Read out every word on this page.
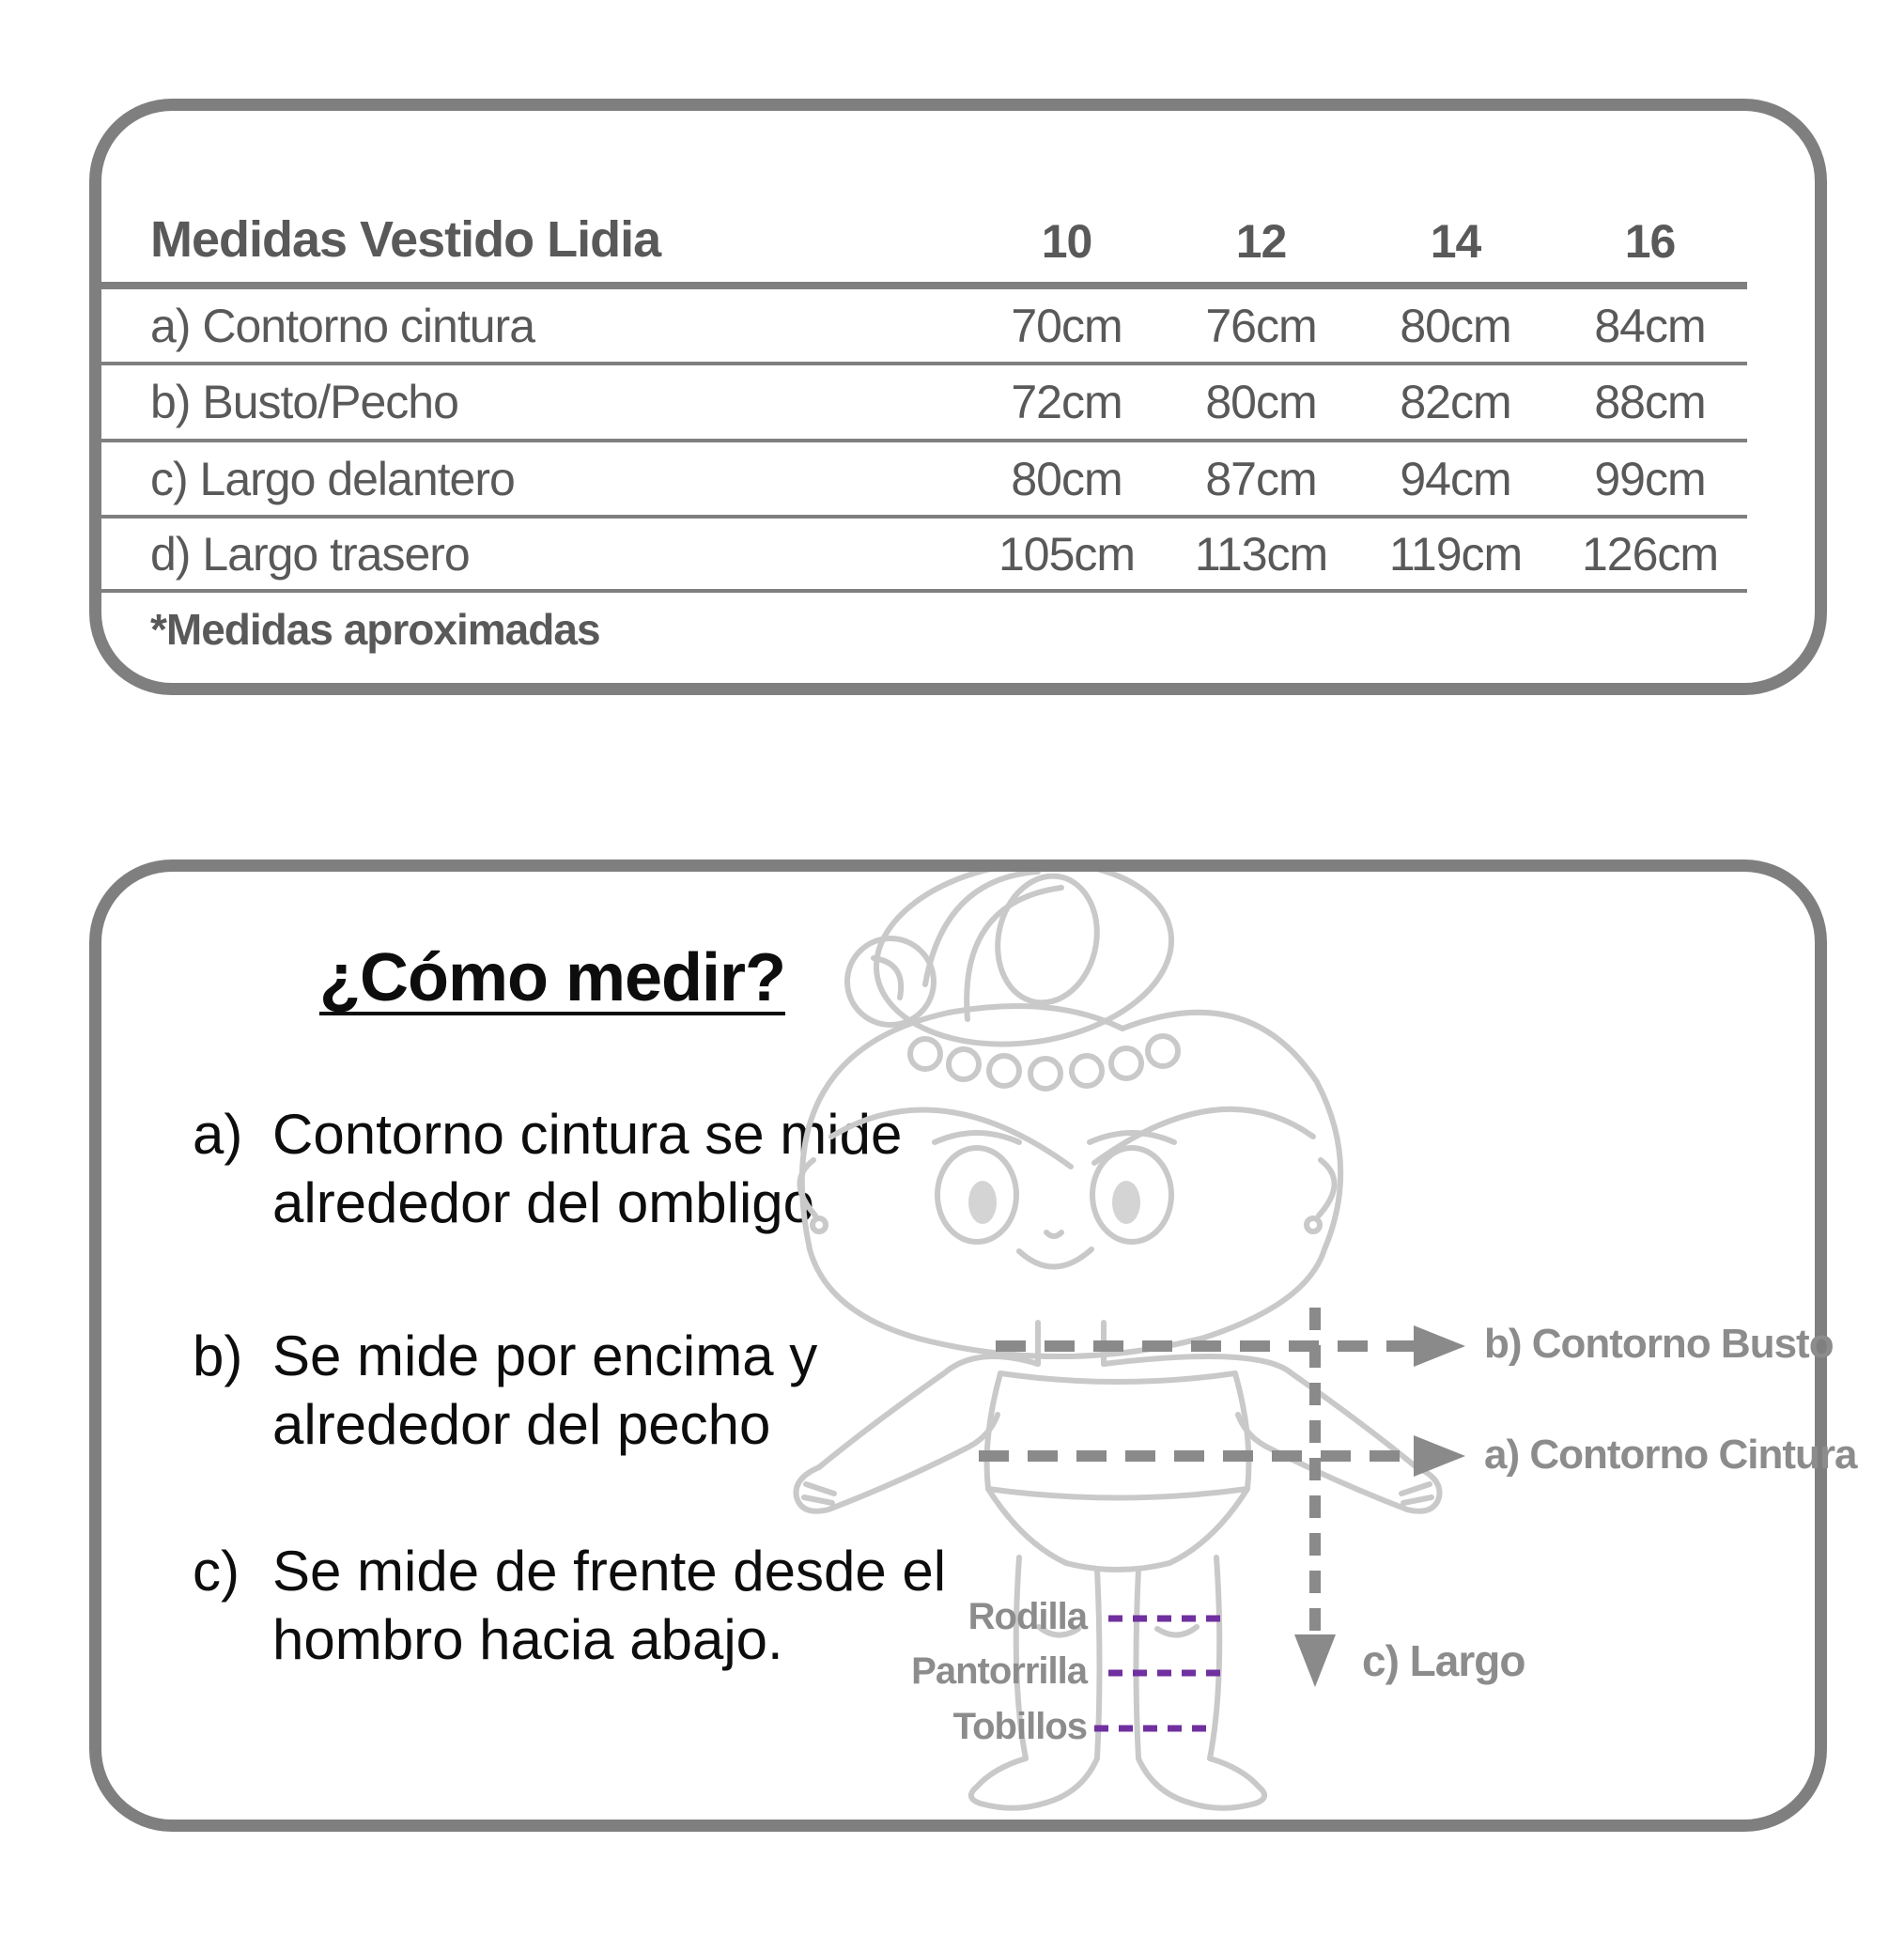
Medidas Vestido Lidia	10	12	14	16
a) Contorno cintura	70cm	76cm	80cm	84cm
b) Busto/Pecho	72cm	80cm	82cm	88cm
c) Largo delantero	80cm	87cm	94cm	99cm
d) Largo trasero	105cm	113cm	119cm	126cm
*Medidas aproximadas
¿Cómo medir?
a) Contorno cintura se mide
alrededor del ombligo
b) Se mide por encima y
alrededor del pecho
c) Se mide de frente desde el
hombro hacia abajo.
b) Contorno Busto
a) Contorno Cintura
c) Largo
Rodilla
Pantorrilla
Tobillos
